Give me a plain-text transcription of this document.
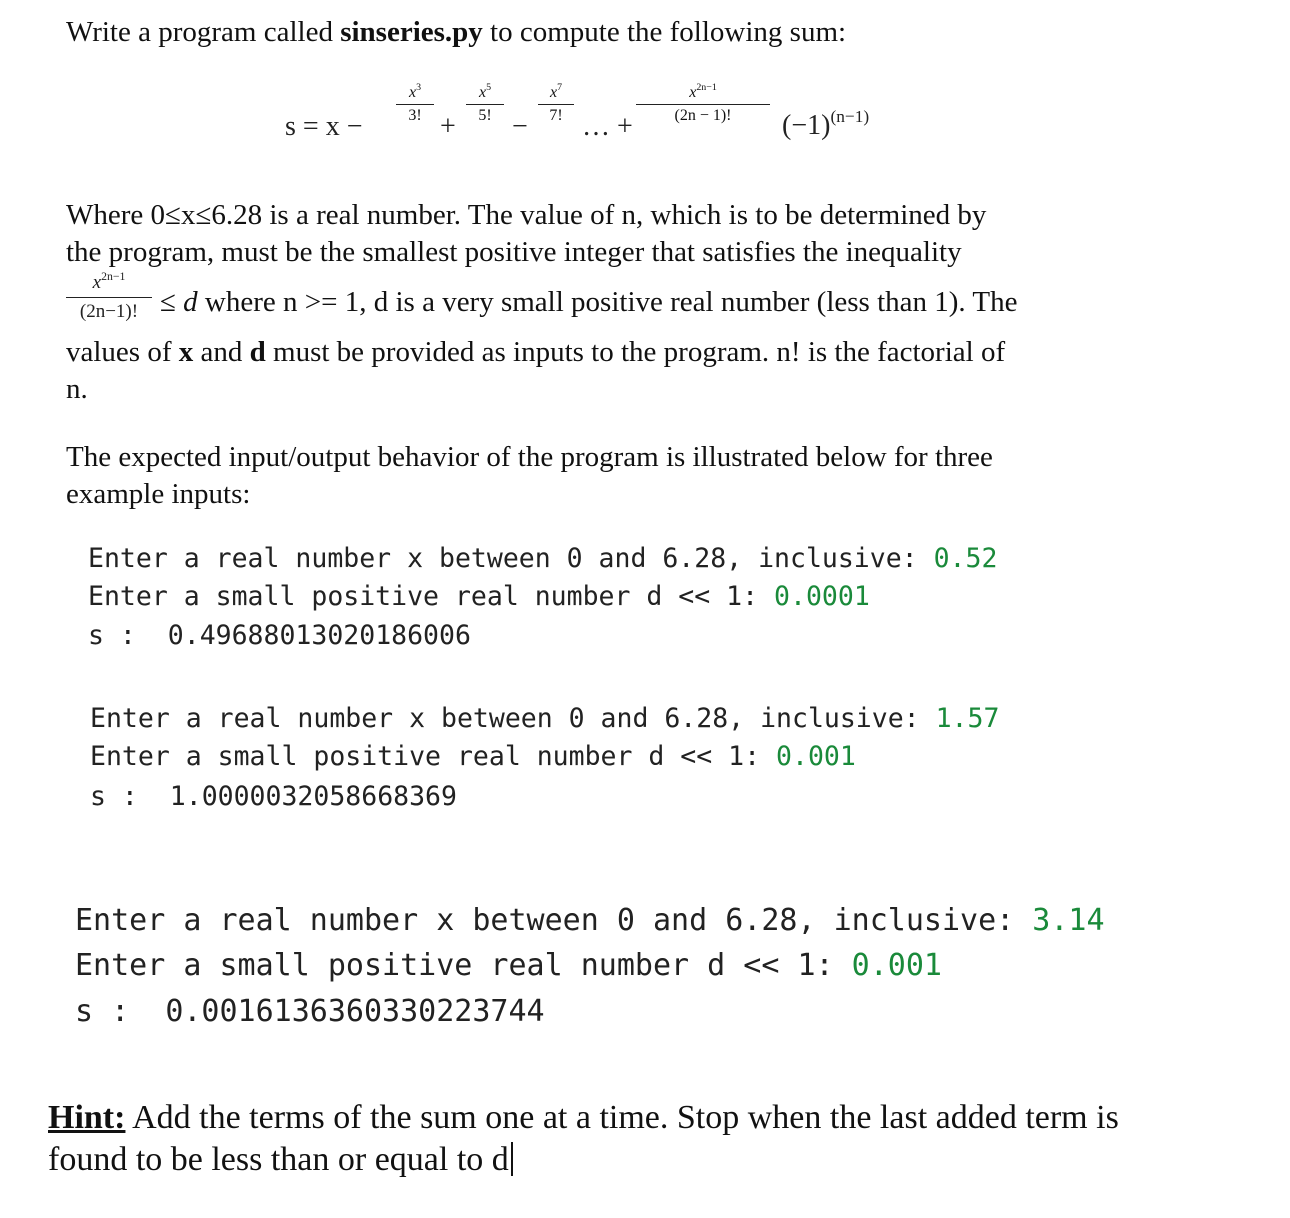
Write a program called sinseries.py to compute the following sum:

s = x −
$x^3$
3! +
$x^5$
5! −
$x^7$
7! … +
$x^{2n-1}$
(2n − 1)!	$(-1)^{(n-1)}$

Where 0≤x≤6.28 is a real number. The value of n, which is to be determined by

the program, must be the smallest positive integer that satisfies the inequality

$x^{2n-1}$
(2n−1)! ≤ d where n >= 1, d is a very small positive real number (less than 1). The

values of x and d must be provided as inputs to the program. n! is the factorial of

n.

The expected input/output behavior of the program is illustrated below for three

example inputs:

Enter a real number x between 0 and 6.28, inclusive: 0.52
Enter a small positive real number d << 1: 0.0001
s :  0.49688013020186006
Enter a real number x between 0 and 6.28, inclusive: 1.57
Enter a small positive real number d << 1: 0.001
s :  1.0000032058668369
Enter a real number x between 0 and 6.28, inclusive: 3.14
Enter a small positive real number d << 1: 0.001
s :  0.0016136360330223744

Hint: Add the terms of the sum one at a time. Stop when the last added term is

found to be less than or equal to d
